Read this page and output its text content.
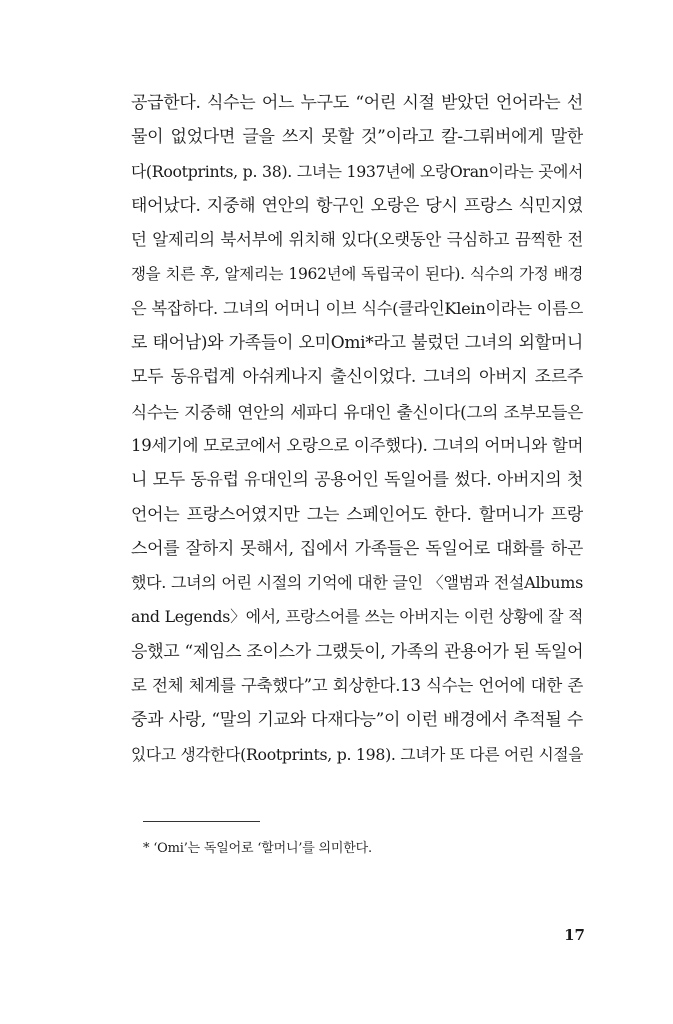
공급한다. 식수는 어느 누구도 “어린 시절 받았던 언어라는 선
물이 없었다면 글을 쓰지 못할 것”이라고 칼-그뤼버에게 말한
다(Rootprints, p. 38). 그녀는 1937년에 오랑Oran이라는 곳에서
태어났다. 지중해 연안의 항구인 오랑은 당시 프랑스 식민지였
던 알제리의 북서부에 위치해 있다(오랫동안 극심하고 끔찍한 전
쟁을 치른 후, 알제리는 1962년에 독립국이 된다). 식수의 가정 배경
은 복잡하다. 그녀의 어머니 이브 식수(클라인Klein이라는 이름으
로 태어남)와 가족들이 오미Omi*라고 불렀던 그녀의 외할머니
모두 동유럽계 아쉬케나지 출신이었다. 그녀의 아버지 조르주
식수는 지중해 연안의 세파디 유대인 출신이다(그의 조부모들은
19세기에 모로코에서 오랑으로 이주했다). 그녀의 어머니와 할머
니 모두 동유럽 유대인의 공용어인 독일어를 썼다. 아버지의 첫
언어는 프랑스어였지만 그는 스페인어도 한다. 할머니가 프랑
스어를 잘하지 못해서, 집에서 가족들은 독일어로 대화를 하곤
했다. 그녀의 어린 시절의 기억에 대한 글인 〈앨범과 전설Albums
and Legends〉에서, 프랑스어를 쓰는 아버지는 이런 상황에 잘 적
응했고 “제임스 조이스가 그랬듯이, 가족의 관용어가 된 독일어
로 전체 체계를 구축했다”고 회상한다.13 식수는 언어에 대한 존
중과 사랑, “말의 기교와 다재다능”이 이런 배경에서 추적될 수
있다고 생각한다(Rootprints, p. 198). 그녀가 또 다른 어린 시절을
* ‘Omi’는 독일어로 ‘할머니’를 의미한다.
17
